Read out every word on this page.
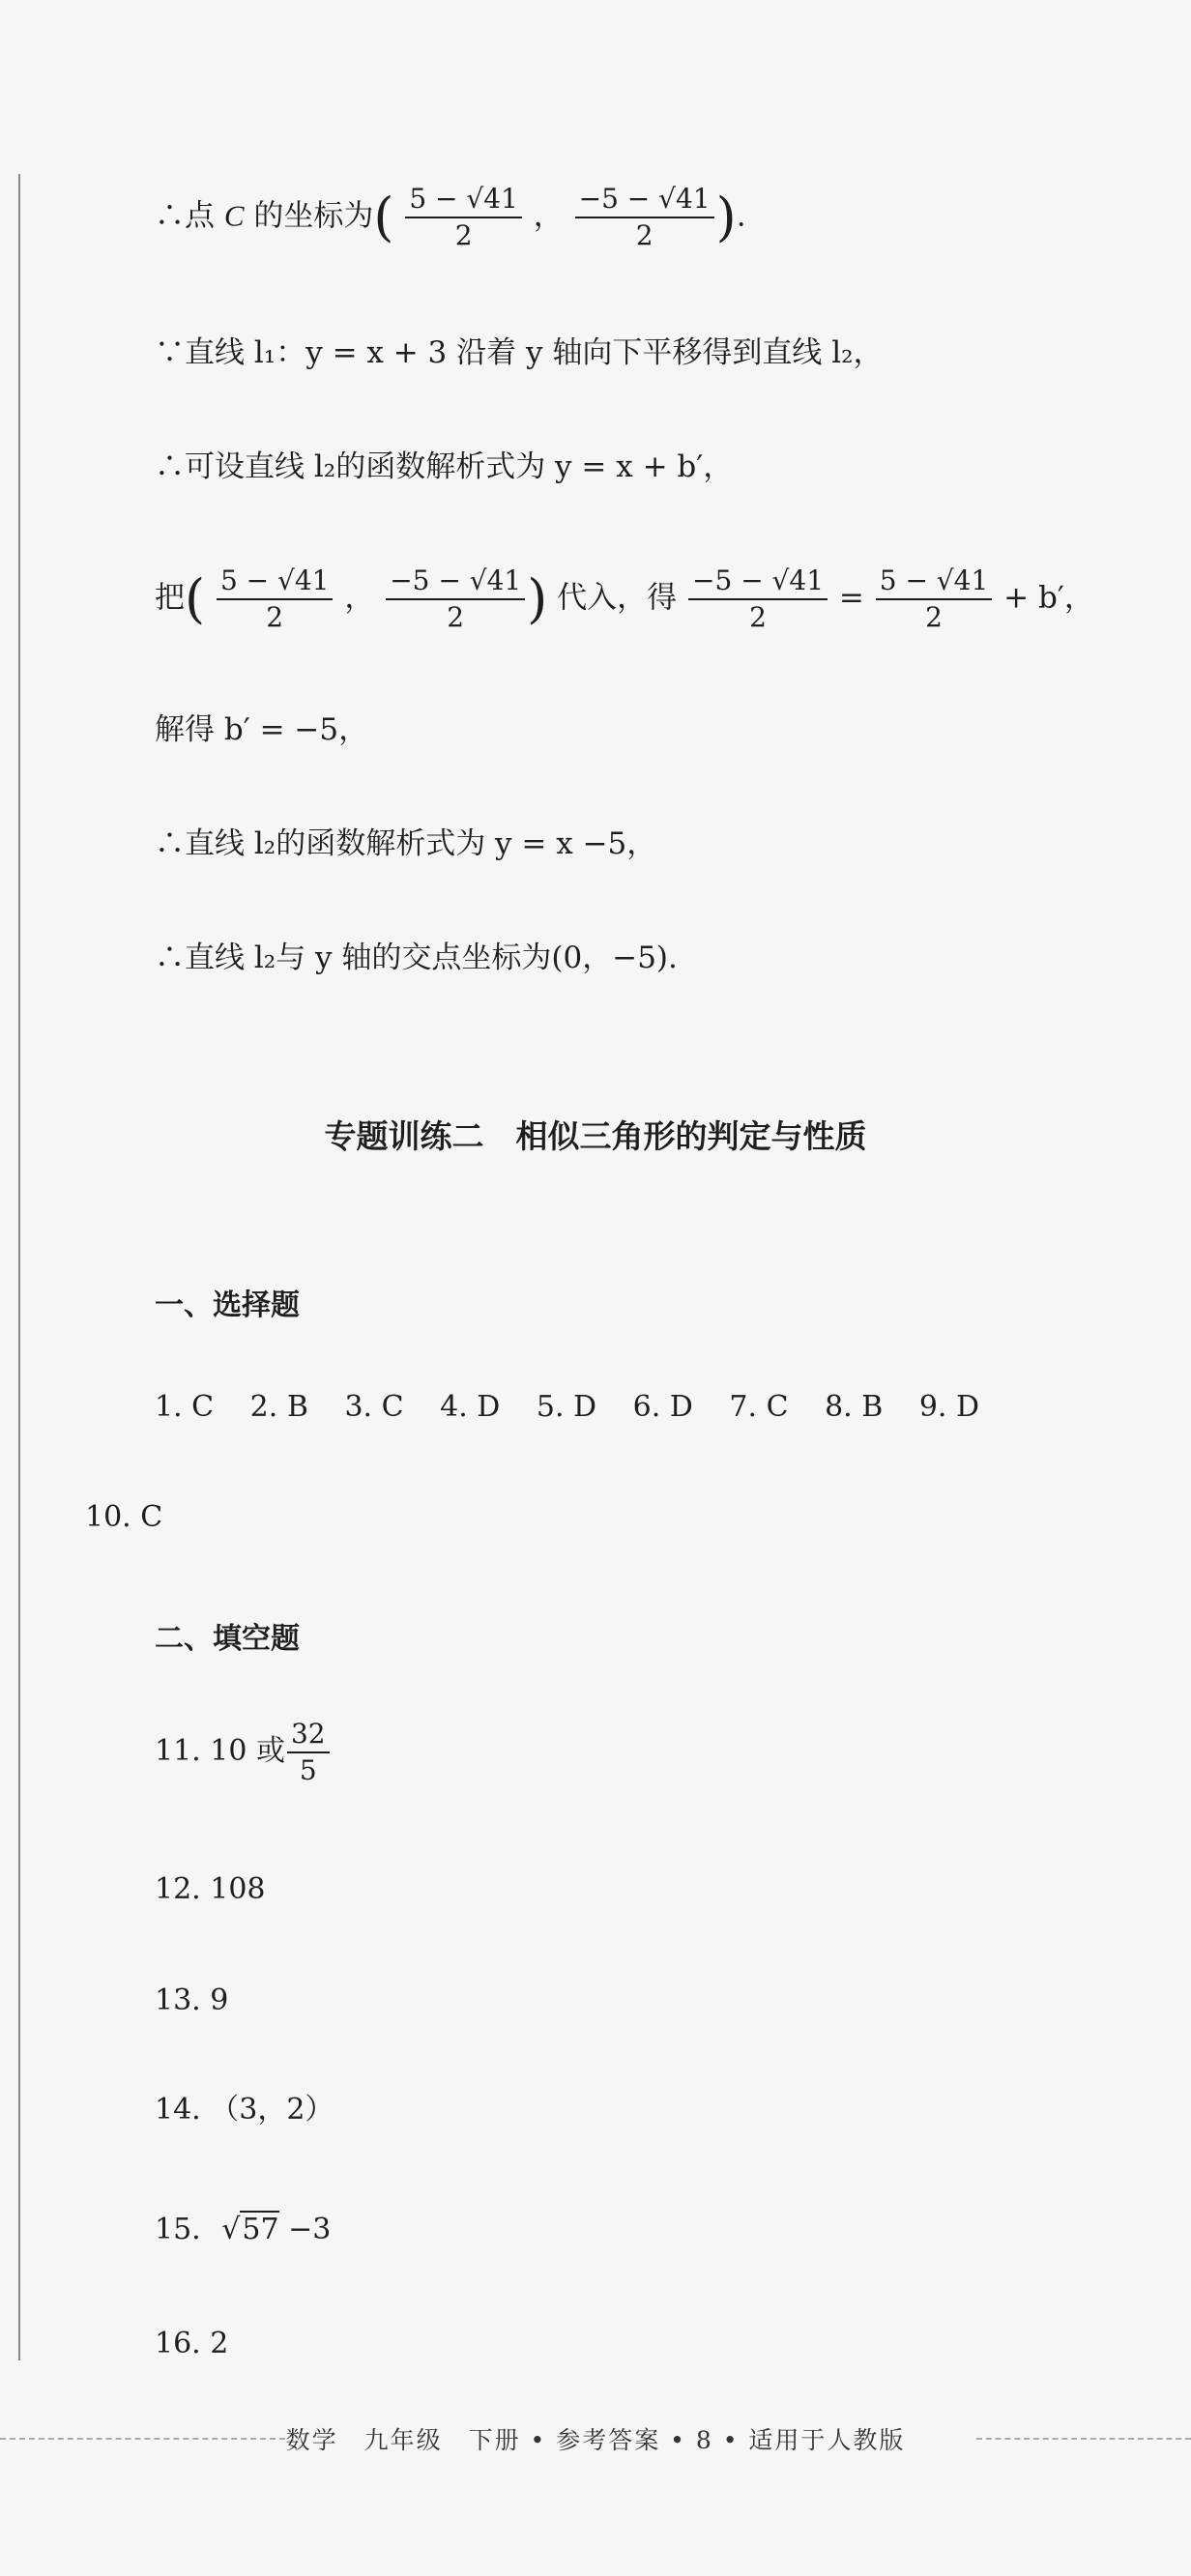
∴点 C 的坐标为( $\frac{5 - √41}{2}$ ， $\frac{-5 - √41}{2}$ ).
∵直线 l₁：y = x + 3 沿着 y 轴向下平移得到直线 l₂，
∴可设直线 l₂的函数解析式为 y = x + b′，
把( $\frac{5 - √41}{2}$ ， $\frac{-5 - √41}{2}$ ) 代入，得 $\frac{-5 - √41}{2} = \frac{5 - √41}{2} + b'$，
解得 b′ = −5，
∴直线 l₂的函数解析式为 y = x −5，
∴直线 l₂与 y 轴的交点坐标为(0，−5).
专题训练二　相似三角形的判定与性质
一、选择题
1. C 2. B 3. C 4. D 5. D 6. D 7. C 8. B 9. D
10. C
二、填空题
11. 10 或 $\frac{32}{5}$
12. 108
13. 9
14. （3，2）
15. √57 −3
16. 2
数学　九年级　下册 • 参考答案 • 8 • 适用于人教版
